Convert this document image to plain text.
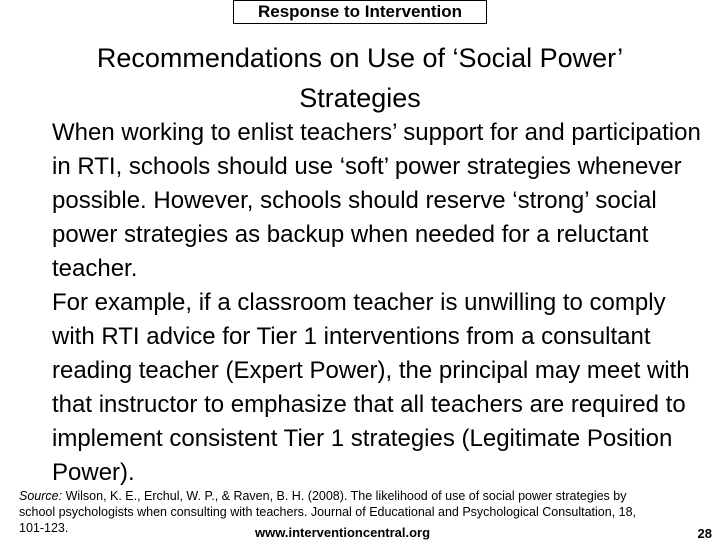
Response to Intervention
Recommendations on Use of ‘Social Power’ Strategies

When working to enlist teachers’ support for and participation in RTI, schools should use ‘soft’ power strategies whenever possible. However, schools should reserve ‘strong’ social power strategies as backup when needed for a reluctant teacher.

For example, if a classroom teacher is unwilling to comply with RTI advice for Tier 1 interventions from a consultant reading teacher (Expert Power), the principal may meet with that instructor to emphasize that all teachers are required to implement consistent Tier 1 strategies (Legitimate Position Power).

Source: Wilson, K. E., Erchul, W. P., & Raven, B. H. (2008). The likelihood of use of social power strategies by school psychologists when consulting with teachers. Journal of Educational and Psychological Consultation, 18, 101-123.	www.interventioncentral.org	28
